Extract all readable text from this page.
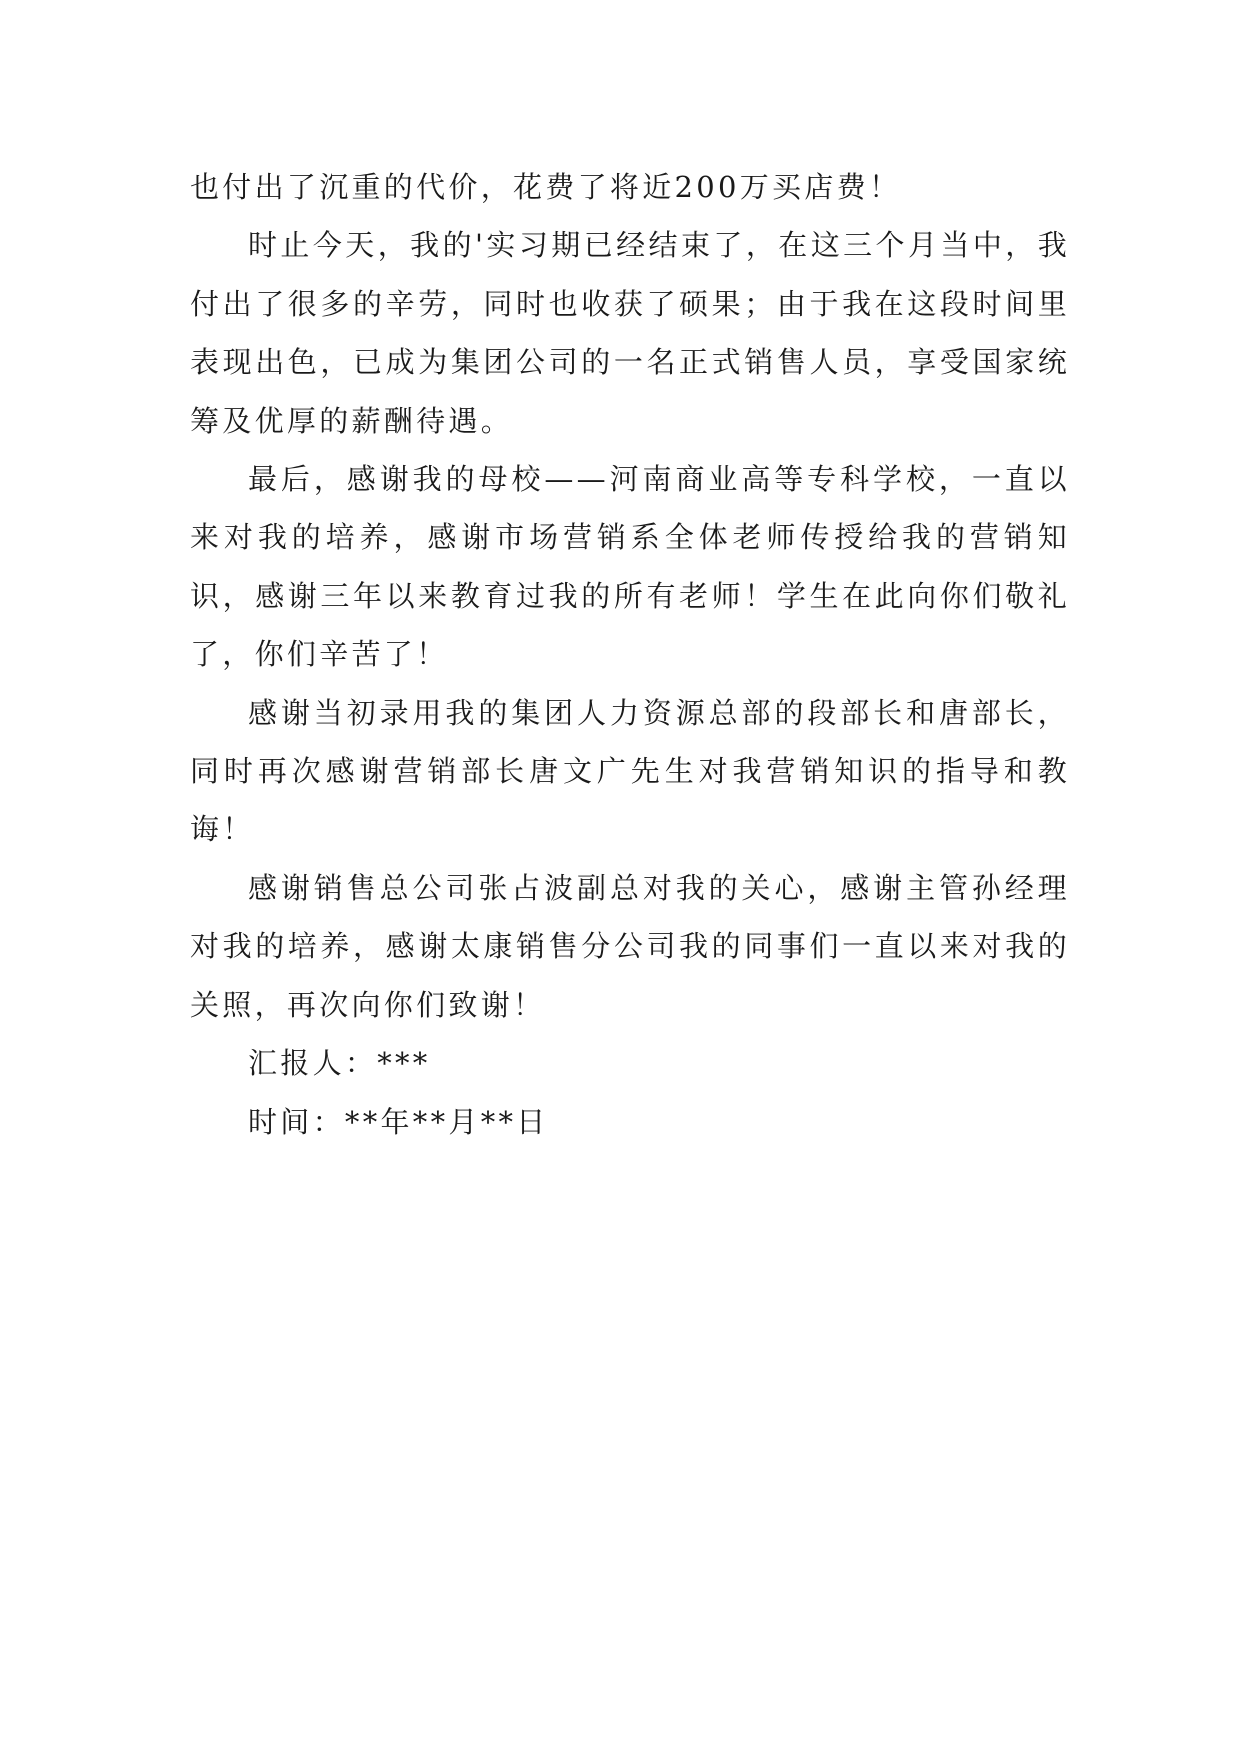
也付出了沉重的代价，花费了将近200万买店费！

时止今天，我的'实习期已经结束了，在这三个月当中，我付出了很多的辛劳，同时也收获了硕果；由于我在这段时间里表现出色，已成为集团公司的一名正式销售人员，享受国家统筹及优厚的薪酬待遇。

最后，感谢我的母校——河南商业高等专科学校，一直以来对我的培养，感谢市场营销系全体老师传授给我的营销知识，感谢三年以来教育过我的所有老师！学生在此向你们敬礼了，你们辛苦了！

感谢当初录用我的集团人力资源总部的段部长和唐部长，同时再次感谢营销部长唐文广先生对我营销知识的指导和教诲！

感谢销售总公司张占波副总对我的关心，感谢主管孙经理对我的培养，感谢太康销售分公司我的同事们一直以来对我的关照，再次向你们致谢！

汇报人：***

时间：**年**月**日
